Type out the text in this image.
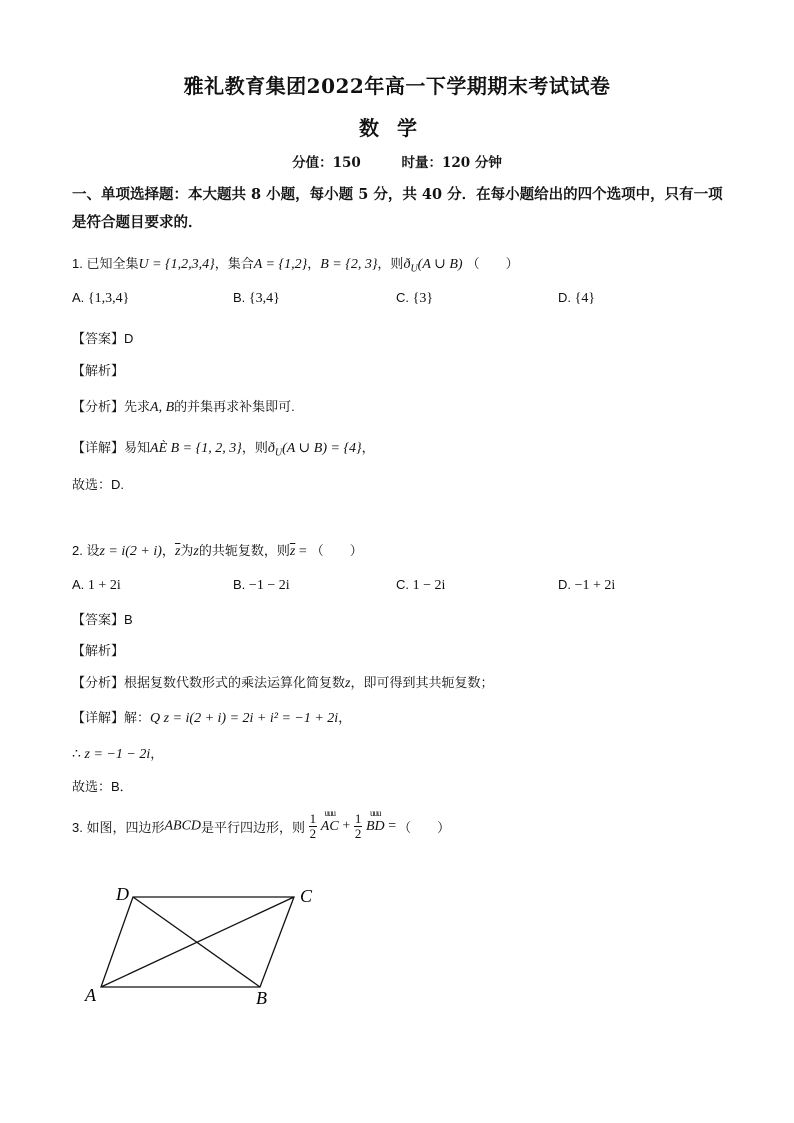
雅礼教育集团2022年高一下学期期末考试试卷
数学
分值：150	时量：120 分钟
一、单项选择题：本大题共 8 小题，每小题 5 分，共 40 分．在每小题给出的四个选项中，只有一项是符合题目要求的．
1. 已知全集U = {1,2,3,4}，集合A = {1,2}，B = {2, 3}，则$ð_U(A$ ∪ B) （　　）
A. {1,3,4}	B. {3,4}	C. {3}	D. {4}
【答案】D
【解析】
【分析】先求A, B的并集再求补集即可.
【详解】易知AÈ B = {1, 2, 3}，则$ð_U(A$ ∪ B) = {4}，
故选：D.
2. 设z = i(2 + i)，$\overline{z}$为z的共轭复数，则$\overline{z}$ = （　　）
A. 1 + 2i	B. −1 − 2i	C. 1 − 2i	D. −1 + 2i
【答案】B
【解析】
【分析】根据复数代数形式的乘法运算化简复数z，即可得到其共轭复数；
【详解】解：Q z = i(2 + i) = 2i + i² = −1 + 2i，
∴ z = −1 − 2i，
故选：B．
3. 如图，四边形ABCD是平行四边形，则 $\frac{1}{2}$
uuu
AC + $\frac{1}{2}$
uuu
BD = （　　）
D	C
A	B
